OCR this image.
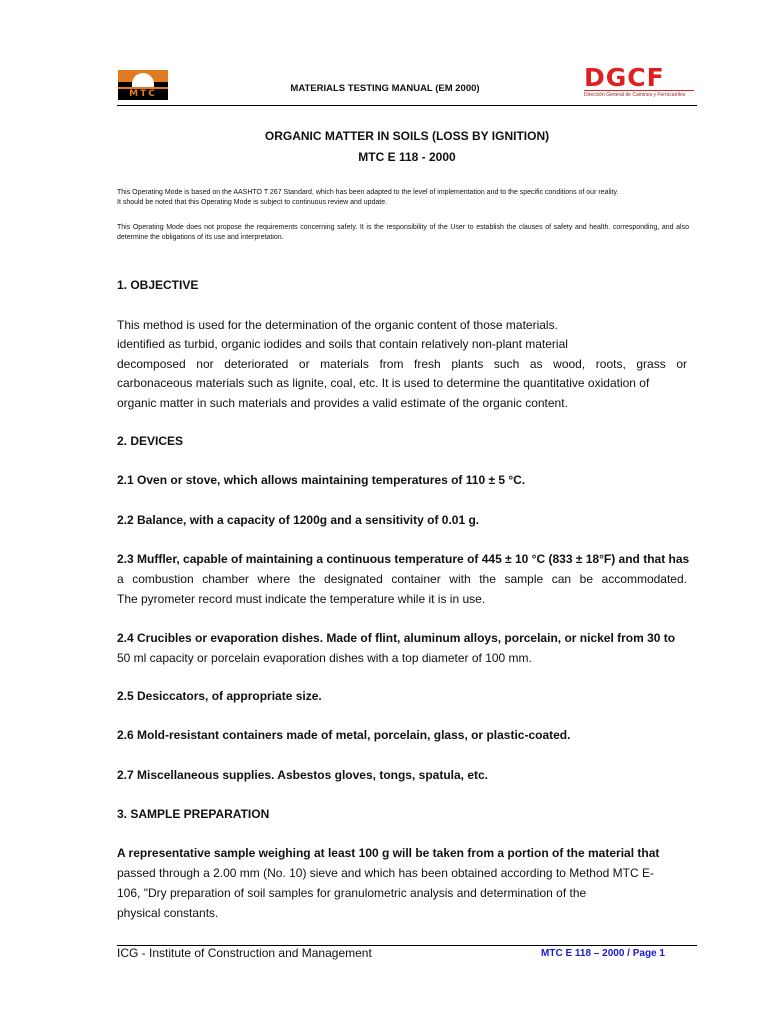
MTC	MATERIALS TESTING MANUAL (EM 2000)	DGCF
Dirección General de Caminos y Ferrocarriles
ORGANIC MATTER IN SOILS (LOSS BY IGNITION)
MTC E 118 - 2000
This Operating Mode is based on the AASHTO T 267 Standard, which has been adapted to the level of implementation and to the specific conditions of our reality.
It should be noted that this Operating Mode is subject to continuous review and update.
This Operating Mode does not propose the requirements concerning safety. It is the responsibility of the User to establish the clauses of safety and health. corresponding, and also determine the obligations of its use and interpretation.
1. OBJECTIVE
This method is used for the determination of the organic content of those materials.
identified as turbid, organic iodides and soils that contain relatively non-plant material
decomposed nor deteriorated or materials from fresh plants such as wood, roots, grass or
carbonaceous materials such as lignite, coal, etc. It is used to determine the quantitative oxidation of
organic matter in such materials and provides a valid estimate of the organic content.
2. DEVICES
2.1 Oven or stove, which allows maintaining temperatures of 110 ± 5 °C.
2.2 Balance, with a capacity of 1200g and a sensitivity of 0.01 g.
2.3 Muffler, capable of maintaining a continuous temperature of 445 ± 10 °C (833 ± 18°F) and that has
a combustion chamber where the designated container with the sample can be accommodated.
The pyrometer record must indicate the temperature while it is in use.
2.4 Crucibles or evaporation dishes. Made of flint, aluminum alloys, porcelain, or nickel from 30 to
50 ml capacity or porcelain evaporation dishes with a top diameter of 100 mm.
2.5 Desiccators, of appropriate size.
2.6 Mold-resistant containers made of metal, porcelain, glass, or plastic-coated.
2.7 Miscellaneous supplies. Asbestos gloves, tongs, spatula, etc.
3. SAMPLE PREPARATION
A representative sample weighing at least 100 g will be taken from a portion of the material that
passed through a 2.00 mm (No. 10) sieve and which has been obtained according to Method MTC E-
106, "Dry preparation of soil samples for granulometric analysis and determination of the
physical constants.
ICG - Institute of Construction and Management	MTC E 118 – 2000 / Page 1
